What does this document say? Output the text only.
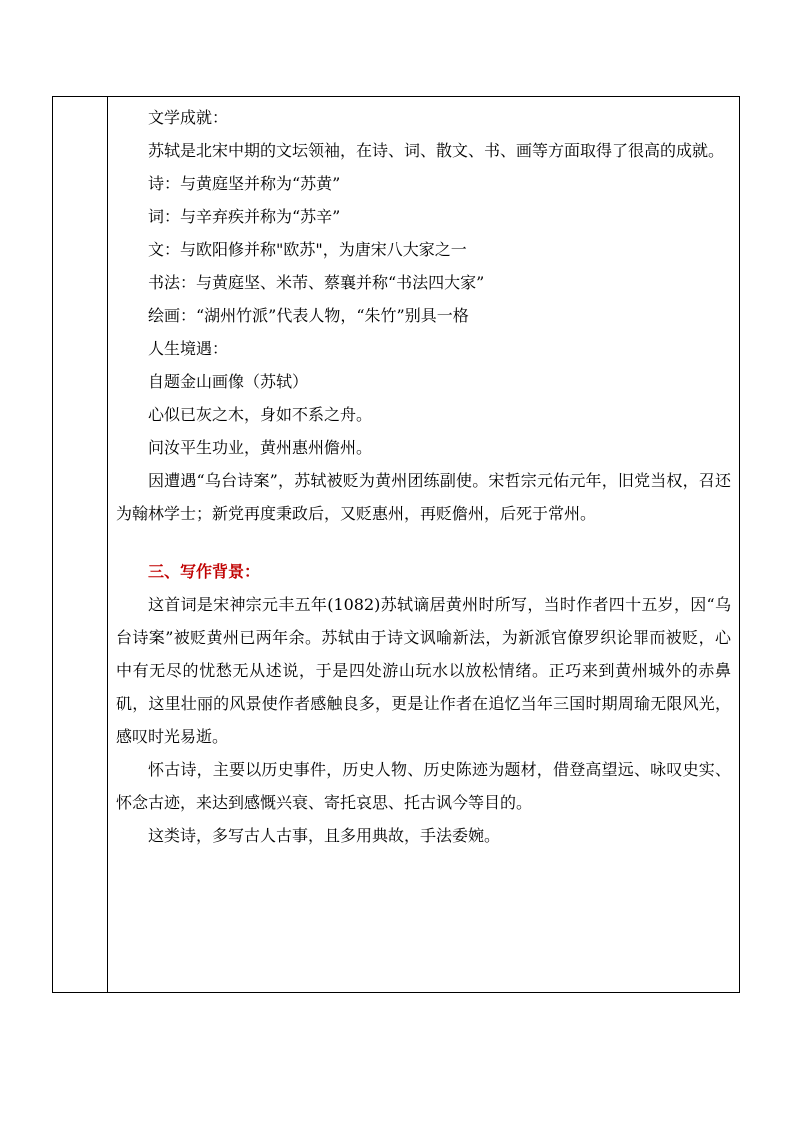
文学成就：

苏轼是北宋中期的文坛领袖，在诗、词、散文、书、画等方面取得了很高的成就。

诗：与黄庭坚并称为“苏黄”

词：与辛弃疾并称为“苏辛”

文：与欧阳修并称"欧苏"，为唐宋八大家之一

书法：与黄庭坚、米芾、蔡襄并称“书法四大家”

绘画：“湖州竹派”代表人物，“朱竹”别具一格

人生境遇：

自题金山画像（苏轼）

心似已灰之木，身如不系之舟。

问汝平生功业，黄州惠州儋州。

因遭遇“乌台诗案”，苏轼被贬为黄州团练副使。宋哲宗元佑元年，旧党当权，召还为翰林学士；新党再度秉政后，又贬惠州，再贬儋州，后死于常州。

三、写作背景：

这首词是宋神宗元丰五年(1082)苏轼谪居黄州时所写，当时作者四十五岁，因“乌台诗案”被贬黄州已两年余。苏轼由于诗文讽喻新法，为新派官僚罗织论罪而被贬，心中有无尽的忧愁无从述说，于是四处游山玩水以放松情绪。正巧来到黄州城外的赤鼻矶，这里壮丽的风景使作者感触良多，更是让作者在追忆当年三国时期周瑜无限风光，感叹时光易逝。

怀古诗，主要以历史事件，历史人物、历史陈迹为题材，借登高望远、咏叹史实、怀念古迹，来达到感慨兴衰、寄托哀思、托古讽今等目的。

这类诗，多写古人古事，且多用典故，手法委婉。
